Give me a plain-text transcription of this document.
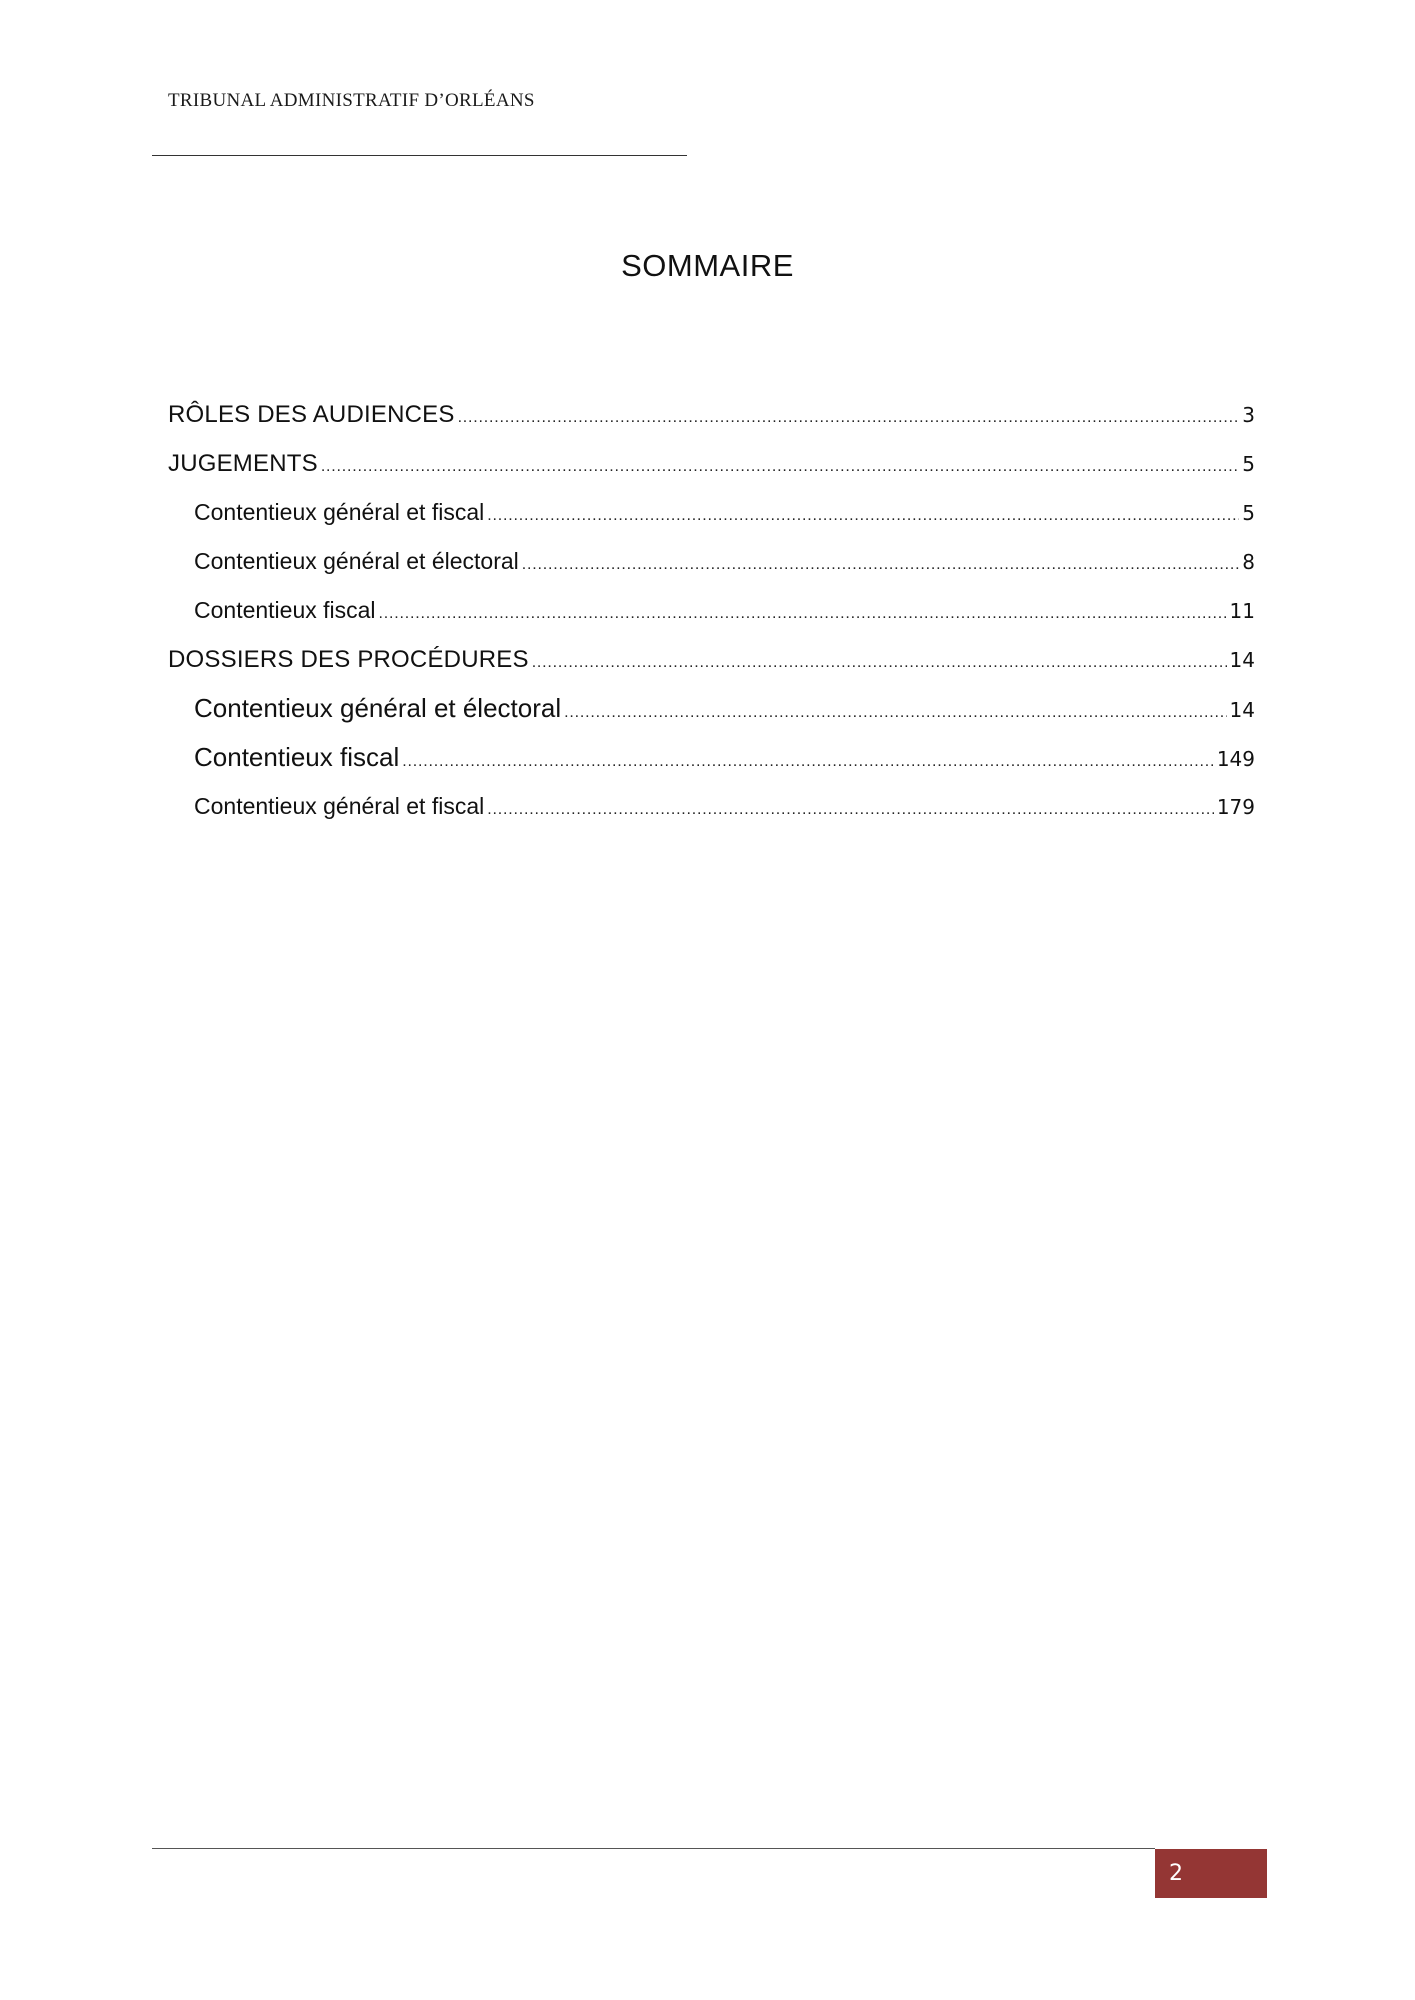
TRIBUNAL ADMINISTRATIF D’ORLÉANS
SOMMAIRE
RÔLES DES AUDIENCES .....	3
JUGEMENTS .....	5
Contentieux général et fiscal .....	5
Contentieux général et électoral .....	8
Contentieux fiscal .....	11
DOSSIERS DES PROCÉDURES .....	14
Contentieux général et électoral .....	14
Contentieux fiscal .....	149
Contentieux général et fiscal .....	179
2
